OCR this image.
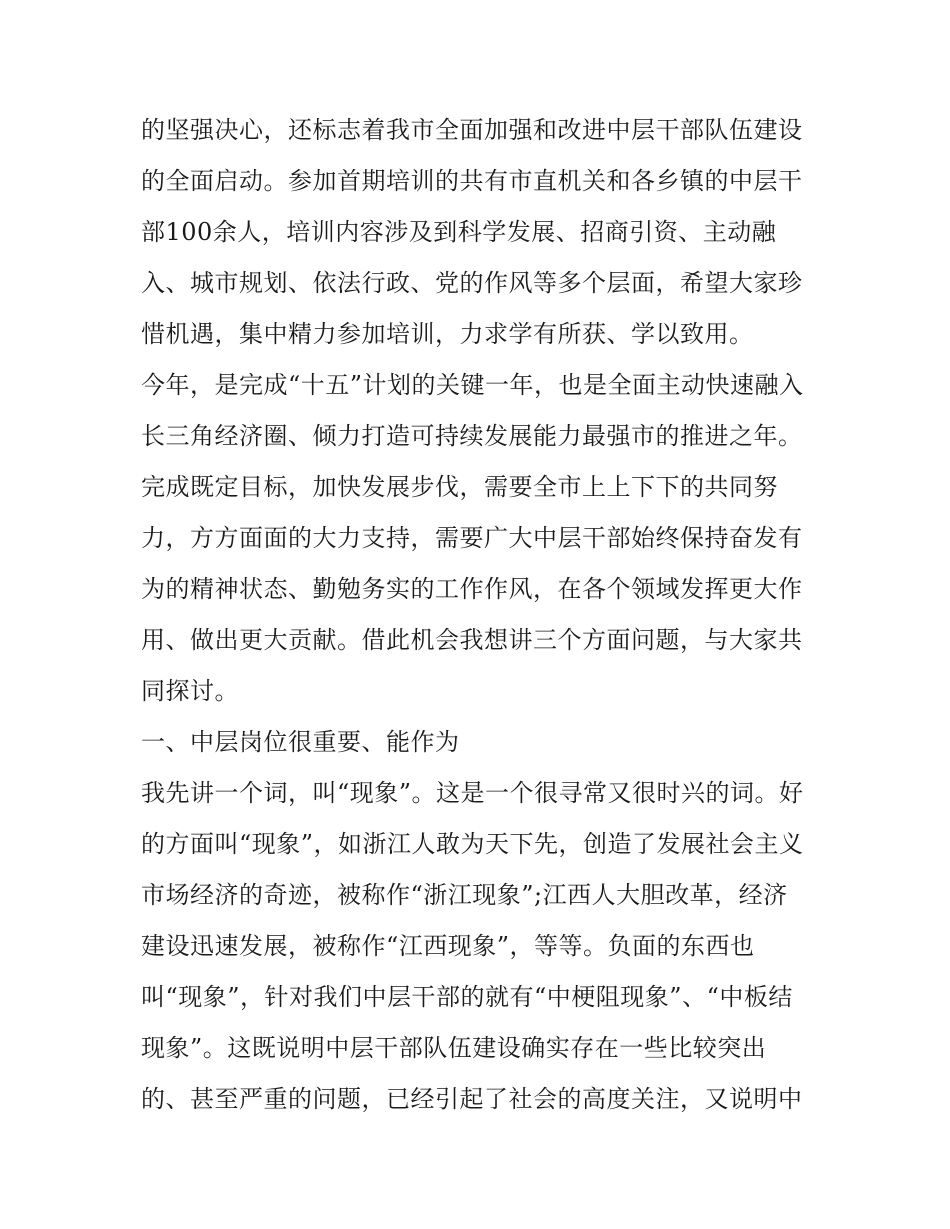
的坚强决心，还标志着我市全面加强和改进中层干部队伍建设
的全面启动。参加首期培训的共有市直机关和各乡镇的中层干
部100余人，培训内容涉及到科学发展、招商引资、主动融
入、城市规划、依法行政、党的作风等多个层面，希望大家珍
惜机遇，集中精力参加培训，力求学有所获、学以致用。
今年，是完成“十五”计划的关键一年，也是全面主动快速融入
长三角经济圈、倾力打造可持续发展能力最强市的推进之年。
完成既定目标，加快发展步伐，需要全市上上下下的共同努
力，方方面面的大力支持，需要广大中层干部始终保持奋发有
为的精神状态、勤勉务实的工作作风，在各个领域发挥更大作
用、做出更大贡献。借此机会我想讲三个方面问题，与大家共
同探讨。
一、中层岗位很重要、能作为
我先讲一个词，叫“现象”。这是一个很寻常又很时兴的词。好
的方面叫“现象”，如浙江人敢为天下先，创造了发展社会主义
市场经济的奇迹，被称作“浙江现象”;江西人大胆改革，经济
建设迅速发展，被称作“江西现象”，等等。负面的东西也
叫“现象”，针对我们中层干部的就有“中梗阻现象”、“中板结
现象”。这既说明中层干部队伍建设确实存在一些比较突出
的、甚至严重的问题，已经引起了社会的高度关注，又说明中
